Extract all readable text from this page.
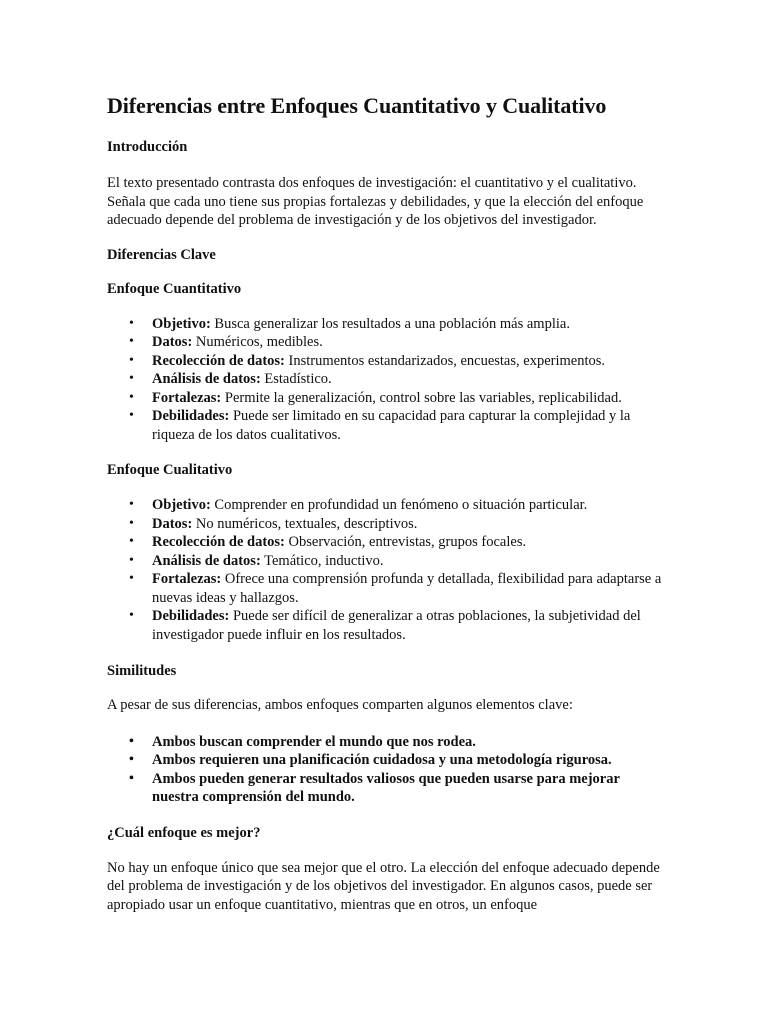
Diferencias entre Enfoques Cuantitativo y Cualitativo
Introducción

El texto presentado contrasta dos enfoques de investigación: el cuantitativo y el cualitativo. Señala que cada uno tiene sus propias fortalezas y debilidades, y que la elección del enfoque adecuado depende del problema de investigación y de los objetivos del investigador.

Diferencias Clave
Enfoque Cuantitativo
• Objetivo: Busca generalizar los resultados a una población más amplia.
• Datos: Numéricos, medibles.
• Recolección de datos: Instrumentos estandarizados, encuestas, experimentos.
• Análisis de datos: Estadístico.
• Fortalezas: Permite la generalización, control sobre las variables, replicabilidad.
• Debilidades: Puede ser limitado en su capacidad para capturar la complejidad y la riqueza de los datos cualitativos.
Enfoque Cualitativo
• Objetivo: Comprender en profundidad un fenómeno o situación particular.
• Datos: No numéricos, textuales, descriptivos.
• Recolección de datos: Observación, entrevistas, grupos focales.
• Análisis de datos: Temático, inductivo.
• Fortalezas: Ofrece una comprensión profunda y detallada, flexibilidad para adaptarse a nuevas ideas y hallazgos.
• Debilidades: Puede ser difícil de generalizar a otras poblaciones, la subjetividad del investigador puede influir en los resultados.
Similitudes

A pesar de sus diferencias, ambos enfoques comparten algunos elementos clave:

• Ambos buscan comprender el mundo que nos rodea.
• Ambos requieren una planificación cuidadosa y una metodología rigurosa.
• Ambos pueden generar resultados valiosos que pueden usarse para mejorar nuestra comprensión del mundo.
¿Cuál enfoque es mejor?

No hay un enfoque único que sea mejor que el otro. La elección del enfoque adecuado depende del problema de investigación y de los objetivos del investigador. En algunos casos, puede ser apropiado usar un enfoque cuantitativo, mientras que en otros, un enfoque
